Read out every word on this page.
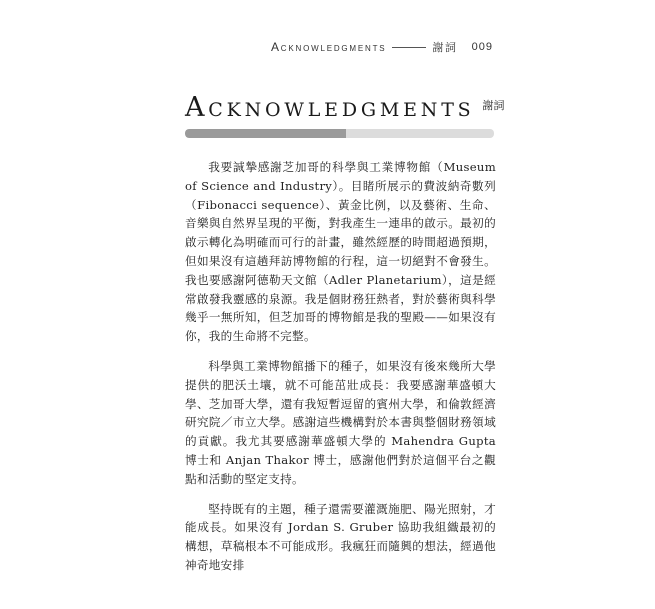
Acknowledgments	謝詞 009
Acknowledgments 謝詞

我要誠摯感謝芝加哥的科學與工業博物館（Museum of Science and Industry）。目睹所展示的費波納奇數列（Fibonacci sequence）、黃金比例，以及藝術、生命、音樂與自然界呈現的平衡，對我產生一連串的啟示。最初的啟示轉化為明確而可行的計畫，雖然經歷的時間超過預期，但如果沒有這趟拜訪博物館的行程，這一切絕對不會發生。我也要感謝阿德勒天文館（Adler Planetarium），這是經常啟發我靈感的泉源。我是個財務狂熱者，對於藝術與科學幾乎一無所知，但芝加哥的博物館是我的聖殿——如果沒有你，我的生命將不完整。

科學與工業博物館播下的種子，如果沒有後來幾所大學提供的肥沃土壤，就不可能茁壯成長：我要感謝華盛頓大學、芝加哥大學，還有我短暫逗留的賓州大學，和倫敦經濟研究院／市立大學。感謝這些機構對於本書與整個財務領域的貢獻。我尤其要感謝華盛頓大學的 Mahendra Gupta 博士和 Anjan Thakor 博士，感謝他們對於這個平台之觀點和活動的堅定支持。

堅持既有的主題，種子還需要灌溉施肥、陽光照射，才能成長。如果沒有 Jordan S. Gruber 協助我組織最初的構想，草稿根本不可能成形。我瘋狂而隨興的想法，經過他神奇地安排
